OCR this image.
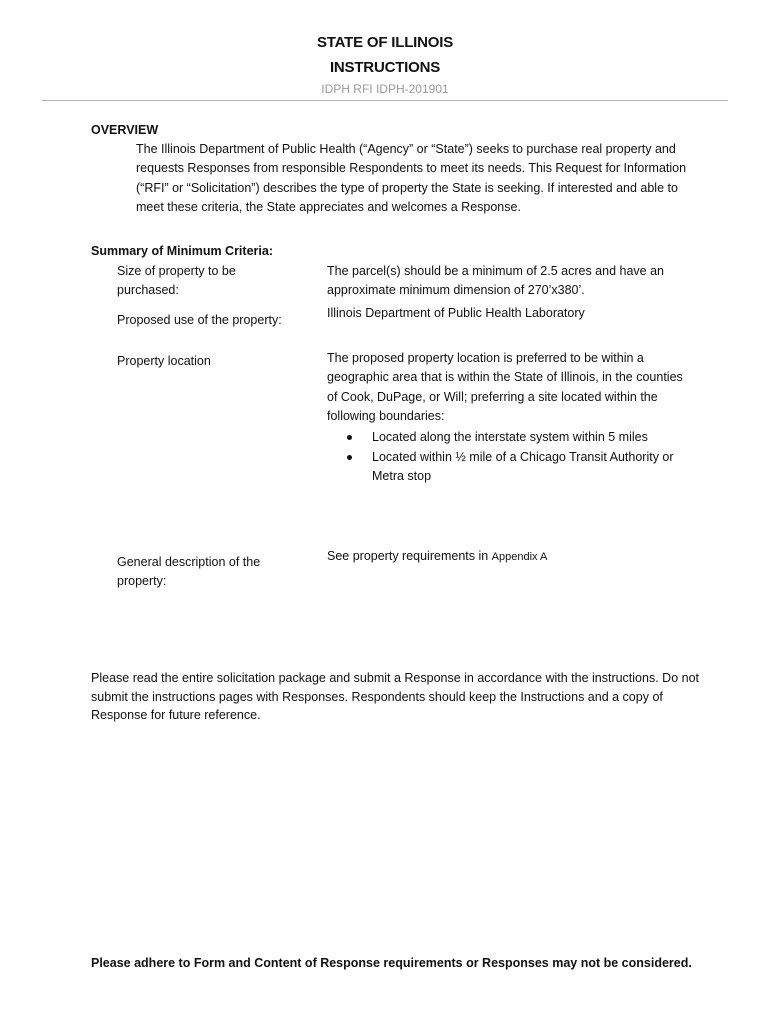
STATE OF ILLINOIS
INSTRUCTIONS
IDPH RFI IDPH-201901
OVERVIEW
The Illinois Department of Public Health (“Agency” or “State”) seeks to purchase real property and requests Responses from responsible Respondents to meet its needs. This Request for Information (“RFI” or “Solicitation”) describes the type of property the State is seeking. If interested and able to meet these criteria, the State appreciates and welcomes a Response.
Summary of Minimum Criteria:
Size of property to be purchased:
The parcel(s) should be a minimum of 2.5 acres and have an approximate minimum dimension of 270’x380’.
Proposed use of the property:	Illinois Department of Public Health Laboratory
Property location	The proposed property location is preferred to be within a geographic area that is within the State of Illinois, in the counties of Cook, DuPage, or Will; preferring a site located within the following boundaries:
Located along the interstate system within 5 miles
Located within ½ mile of a Chicago Transit Authority or Metra stop
General description of the property:
See property requirements in Appendix A
Please read the entire solicitation package and submit a Response in accordance with the instructions. Do not submit the instructions pages with Responses. Respondents should keep the Instructions and a copy of Response for future reference.
Please adhere to Form and Content of Response requirements or Responses may not be considered.
